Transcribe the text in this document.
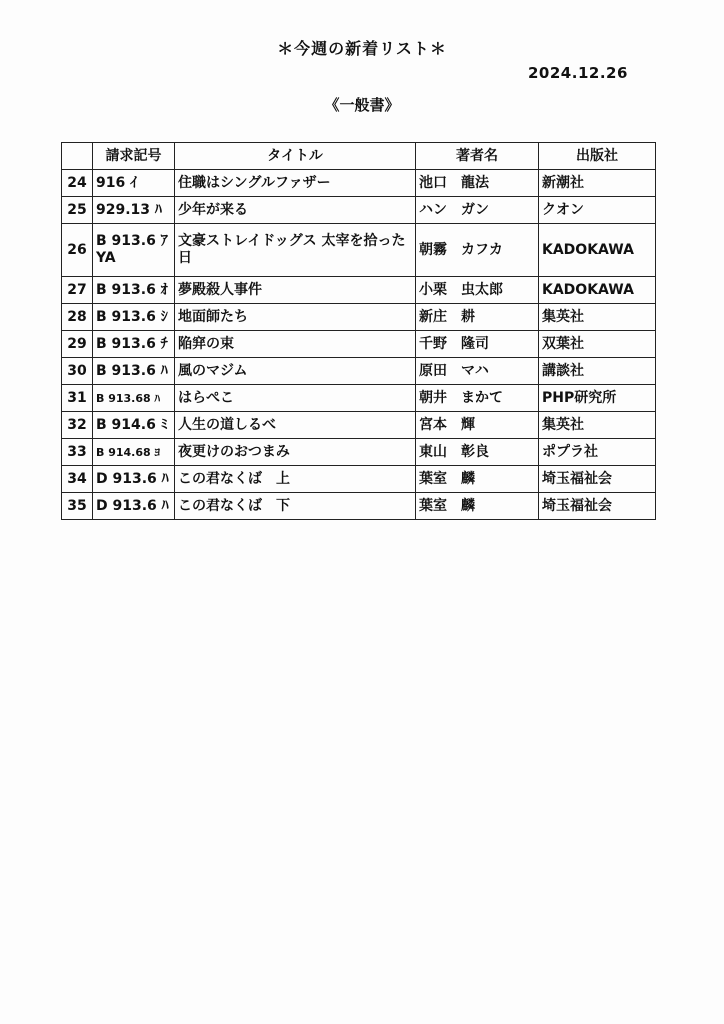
＊今週の新着リスト＊
2024.12.26
《一般書》
	請求記号	タイトル	著者名	出版社
24	916 ｲ	住職はシングルファザー	池口　龍法	新潮社
25	929.13 ﾊ	少年が来る	ハン　ガン	クオン
26	B 913.6 ｱYA	文豪ストレイドッグス 太宰を拾った日	朝霧　カフカ	KADOKAWA
27	B 913.6 ｵ	夢殿殺人事件	小栗　虫太郎	KADOKAWA
28	B 913.6 ｼ	地面師たち	新庄　耕	集英社
29	B 913.6 ﾁ	陥穽の束	千野　隆司	双葉社
30	B 913.6 ﾊ	風のマジム	原田　マハ	講談社
31	B 913.68 ﾊ	はらぺこ	朝井　まかて	PHP研究所
32	B 914.6 ﾐ	人生の道しるべ	宮本　輝	集英社
33	B 914.68 ﾖ	夜更けのおつまみ	東山　彰良	ポプラ社
34	D 913.6 ﾊ	この君なくば　上	葉室　麟	埼玉福祉会
35	D 913.6 ﾊ	この君なくば　下	葉室　麟	埼玉福祉会
